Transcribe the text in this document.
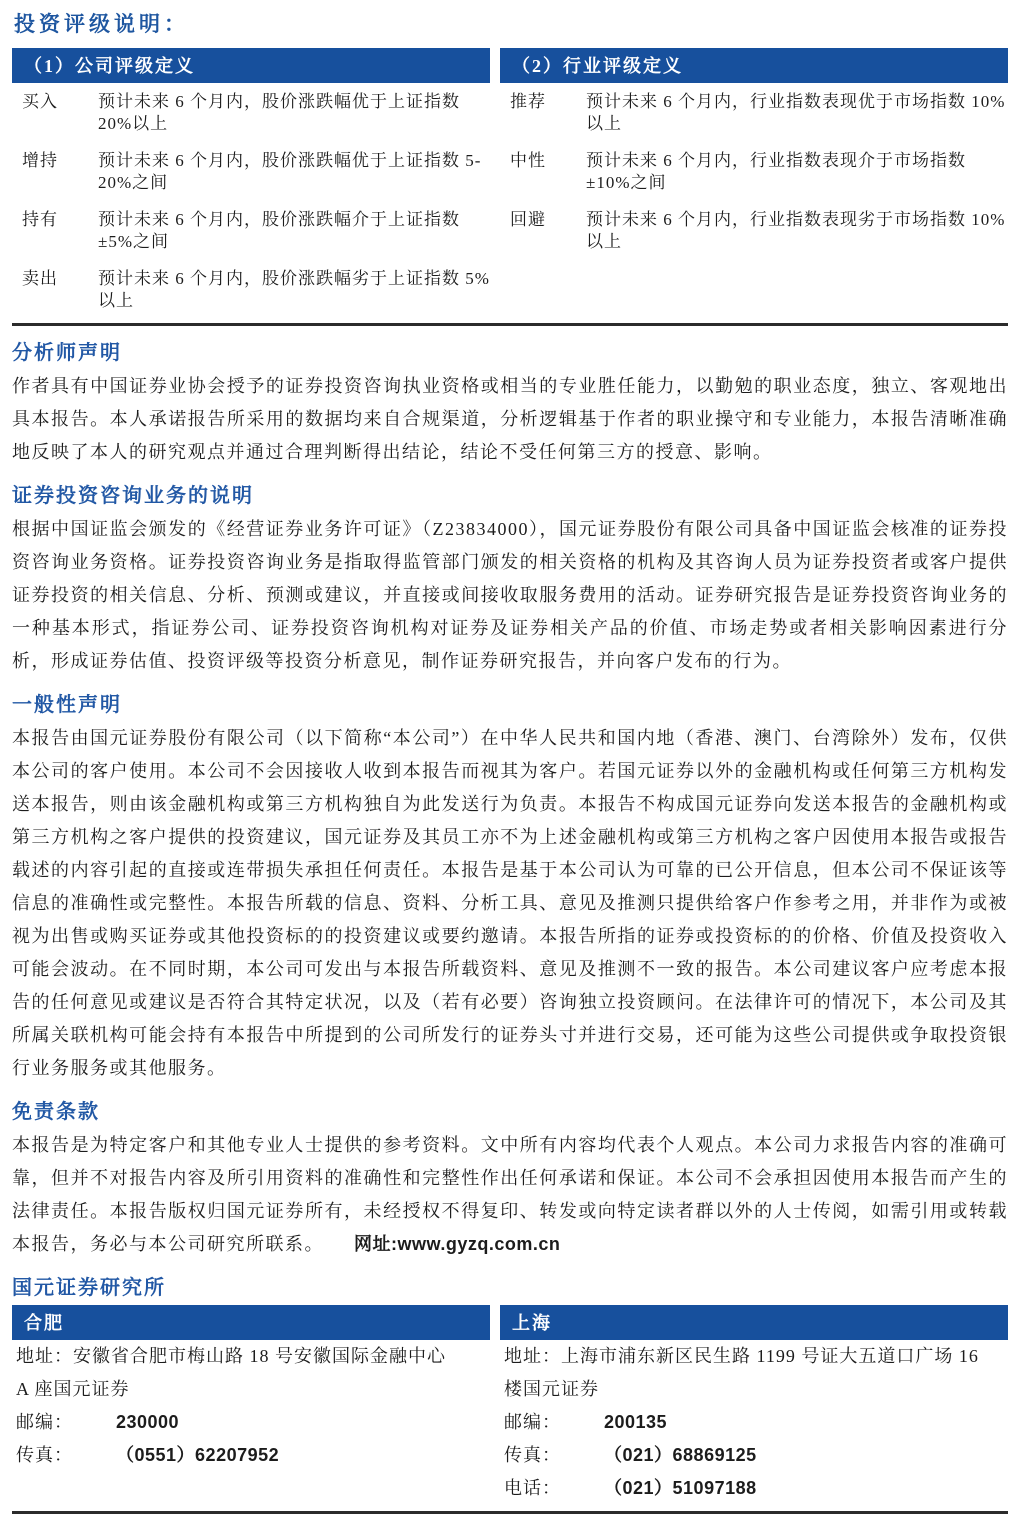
投资评级说明：
（1）公司评级定义
买入	预计未来 6 个月内，股价涨跌幅优于上证指数 20%以上
增持	预计未来 6 个月内，股价涨跌幅优于上证指数 5-20%之间
持有	预计未来 6 个月内，股价涨跌幅介于上证指数 ±5%之间
卖出	预计未来 6 个月内，股价涨跌幅劣于上证指数 5%以上
（2）行业评级定义
推荐	预计未来 6 个月内，行业指数表现优于市场指数 10%以上
中性	预计未来 6 个月内，行业指数表现介于市场指数±10%之间
回避	预计未来 6 个月内，行业指数表现劣于市场指数 10%以上
分析师声明

作者具有中国证券业协会授予的证券投资咨询执业资格或相当的专业胜任能力，以勤勉的职业态度，独立、客观地出具本报告。本人承诺报告所采用的数据均来自合规渠道，分析逻辑基于作者的职业操守和专业能力，本报告清晰准确地反映了本人的研究观点并通过合理判断得出结论，结论不受任何第三方的授意、影响。

证券投资咨询业务的说明

根据中国证监会颁发的《经营证券业务许可证》（Z23834000），国元证券股份有限公司具备中国证监会核准的证券投资咨询业务资格。证券投资咨询业务是指取得监管部门颁发的相关资格的机构及其咨询人员为证券投资者或客户提供证券投资的相关信息、分析、预测或建议，并直接或间接收取服务费用的活动。证券研究报告是证券投资咨询业务的一种基本形式，指证券公司、证券投资咨询机构对证券及证券相关产品的价值、市场走势或者相关影响因素进行分析，形成证券估值、投资评级等投资分析意见，制作证券研究报告，并向客户发布的行为。

一般性声明

本报告由国元证券股份有限公司（以下简称“本公司”）在中华人民共和国内地（香港、澳门、台湾除外）发布，仅供本公司的客户使用。本公司不会因接收人收到本报告而视其为客户。若国元证券以外的金融机构或任何第三方机构发送本报告，则由该金融机构或第三方机构独自为此发送行为负责。本报告不构成国元证券向发送本报告的金融机构或第三方机构之客户提供的投资建议，国元证券及其员工亦不为上述金融机构或第三方机构之客户因使用本报告或报告载述的内容引起的直接或连带损失承担任何责任。本报告是基于本公司认为可靠的已公开信息，但本公司不保证该等信息的准确性或完整性。本报告所载的信息、资料、分析工具、意见及推测只提供给客户作参考之用，并非作为或被视为出售或购买证券或其他投资标的的投资建议或要约邀请。本报告所指的证券或投资标的的价格、价值及投资收入可能会波动。在不同时期，本公司可发出与本报告所载资料、意见及推测不一致的报告。本公司建议客户应考虑本报告的任何意见或建议是否符合其特定状况，以及（若有必要）咨询独立投资顾问。在法律许可的情况下，本公司及其所属关联机构可能会持有本报告中所提到的公司所发行的证券头寸并进行交易，还可能为这些公司提供或争取投资银行业务服务或其他服务。

免责条款

本报告是为特定客户和其他专业人士提供的参考资料。文中所有内容均代表个人观点。本公司力求报告内容的准确可靠，但并不对报告内容及所引用资料的准确性和完整性作出任何承诺和保证。本公司不会承担因使用本报告而产生的法律责任。本报告版权归国元证券所有，未经授权不得复印、转发或向特定读者群以外的人士传阅，如需引用或转载本报告，务必与本公司研究所联系。 网址:www.gyzq.com.cn

国元证券研究所
合肥
地址：安徽省合肥市梅山路 18 号安徽国际金融中心
A 座国元证券
邮编：	230000
传真：	（0551）62207952
上海
地址：上海市浦东新区民生路 1199 号证大五道口广场 16
楼国元证券
邮编：	200135
传真：	（021）68869125
电话：	（021）51097188
